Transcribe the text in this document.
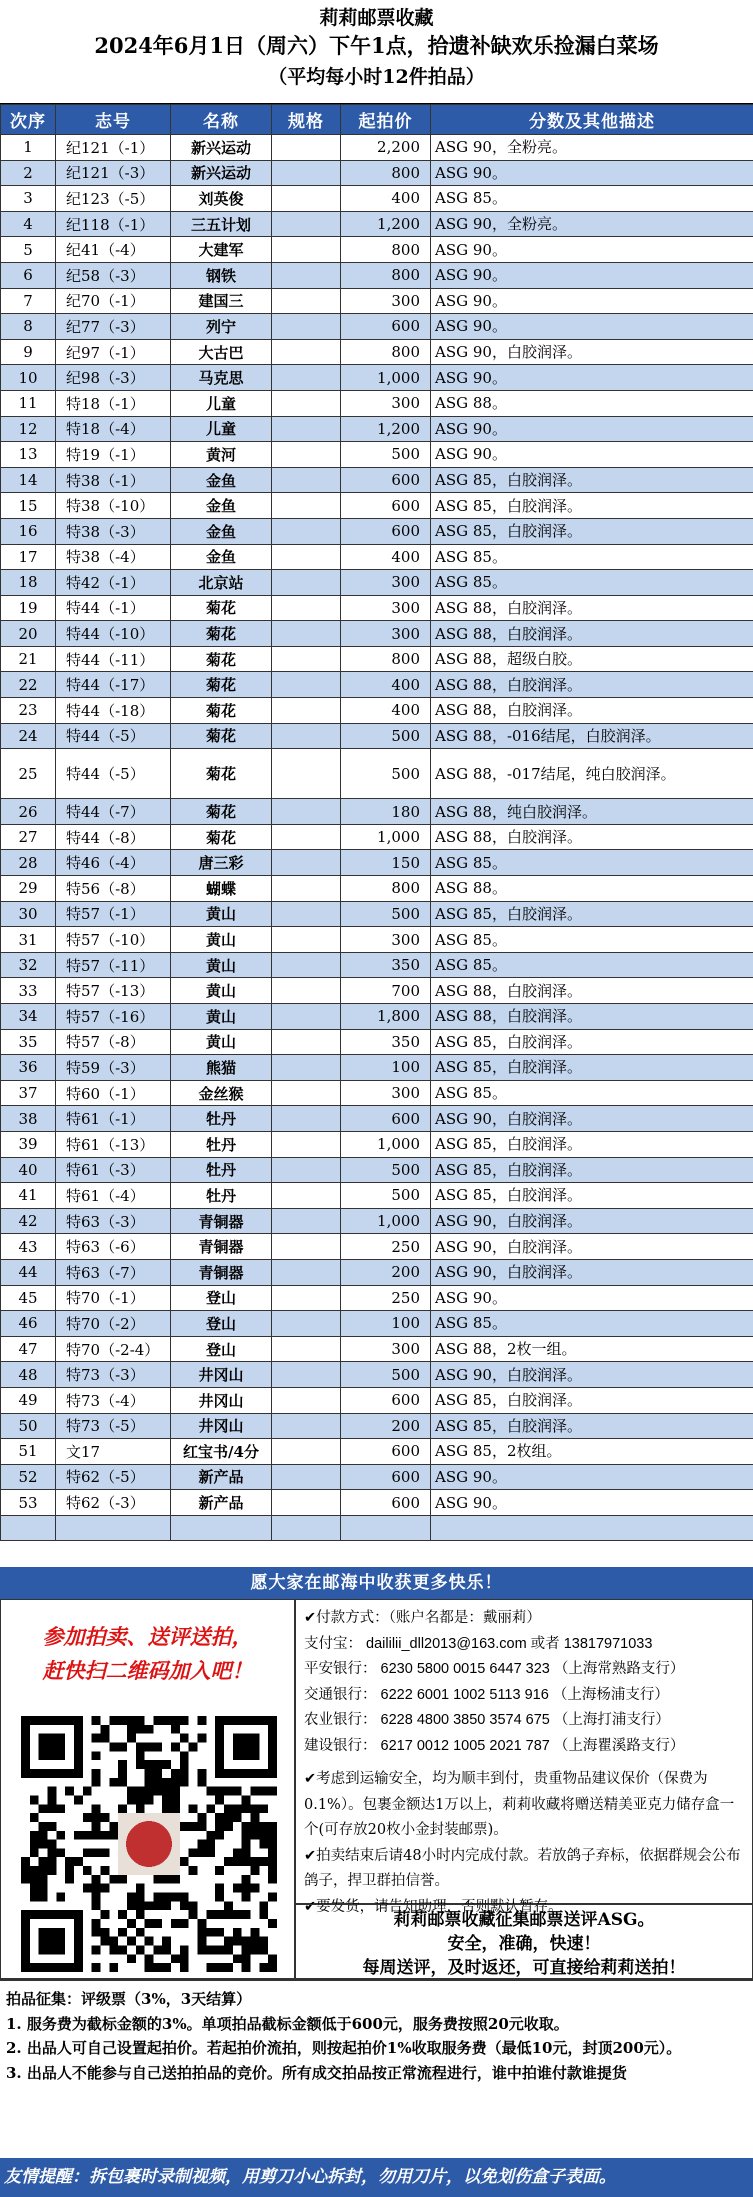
莉莉邮票收藏
2024年6月1日（周六）下午1点，拾遗补缺欢乐捡漏白菜场
（平均每小时12件拍品）
次序	志号	名称	规格	起拍价	分数及其他描述
1	纪121（-1）	新兴运动		2,200	ASG 90，全粉亮。
2	纪121（-3）	新兴运动		800	ASG 90。
3	纪123（-5）	刘英俊		400	ASG 85。
4	纪118（-1）	三五计划		1,200	ASG 90，全粉亮。
5	纪41（-4）	大建军		800	ASG 90。
6	纪58（-3）	钢铁		800	ASG 90。
7	纪70（-1）	建国三		300	ASG 90。
8	纪77（-3）	列宁		600	ASG 90。
9	纪97（-1）	大古巴		800	ASG 90，白胶润泽。
10	纪98（-3）	马克思		1,000	ASG 90。
11	特18（-1）	儿童		300	ASG 88。
12	特18（-4）	儿童		1,200	ASG 90。
13	特19（-1）	黄河		500	ASG 90。
14	特38（-1）	金鱼		600	ASG 85，白胶润泽。
15	特38（-10）	金鱼		600	ASG 85，白胶润泽。
16	特38（-3）	金鱼		600	ASG 85，白胶润泽。
17	特38（-4）	金鱼		400	ASG 85。
18	特42（-1）	北京站		300	ASG 85。
19	特44（-1）	菊花		300	ASG 88，白胶润泽。
20	特44（-10）	菊花		300	ASG 88，白胶润泽。
21	特44（-11）	菊花		800	ASG 88，超级白胶。
22	特44（-17）	菊花		400	ASG 88，白胶润泽。
23	特44（-18）	菊花		400	ASG 88，白胶润泽。
24	特44（-5）	菊花		500	ASG 88，-016结尾，白胶润泽。
25	特44（-5）	菊花		500	ASG 88，-017结尾，纯白胶润泽。
26	特44（-7）	菊花		180	ASG 88，纯白胶润泽。
27	特44（-8）	菊花		1,000	ASG 88，白胶润泽。
28	特46（-4）	唐三彩		150	ASG 85。
29	特56（-8）	蝴蝶		800	ASG 88。
30	特57（-1）	黄山		500	ASG 85，白胶润泽。
31	特57（-10）	黄山		300	ASG 85。
32	特57（-11）	黄山		350	ASG 85。
33	特57（-13）	黄山		700	ASG 88，白胶润泽。
34	特57（-16）	黄山		1,800	ASG 88，白胶润泽。
35	特57（-8）	黄山		350	ASG 85，白胶润泽。
36	特59（-3）	熊猫		100	ASG 85，白胶润泽。
37	特60（-1）	金丝猴		300	ASG 85。
38	特61（-1）	牡丹		600	ASG 90，白胶润泽。
39	特61（-13）	牡丹		1,000	ASG 85，白胶润泽。
40	特61（-3）	牡丹		500	ASG 85，白胶润泽。
41	特61（-4）	牡丹		500	ASG 85，白胶润泽。
42	特63（-3）	青铜器		1,000	ASG 90，白胶润泽。
43	特63（-6）	青铜器		250	ASG 90，白胶润泽。
44	特63（-7）	青铜器		200	ASG 90，白胶润泽。
45	特70（-1）	登山		250	ASG 90。
46	特70（-2）	登山		100	ASG 85。
47	特70（-2-4）	登山		300	ASG 88，2枚一组。
48	特73（-3）	井冈山		500	ASG 90，白胶润泽。
49	特73（-4）	井冈山		600	ASG 85，白胶润泽。
50	特73（-5）	井冈山		200	ASG 85，白胶润泽。
51	文17	红宝书/4分		600	ASG 85，2枚组。
52	特62（-5）	新产品		600	ASG 90。
53	特62（-3）	新产品		600	ASG 90。

愿大家在邮海中收获更多快乐！
参加拍卖、送评送拍，
赶快扫二维码加入吧！
✔付款方式：（账户名都是：戴丽莉）
支付宝： daililii_dll2013@163.com 或者 13817971033
平安银行： 6230 5800 0015 6447 323 （上海常熟路支行）
交通银行： 6222 6001 1002 5113 916 （上海杨浦支行）
农业银行： 6228 4800 3850 3574 675 （上海打浦支行）
建设银行： 6217 0012 1005 2021 787 （上海瞿溪路支行）
✔考虑到运输安全，均为顺丰到付，贵重物品建议保价（保费为0.1%）。包裹金额达1万以上，莉莉收藏将赠送精美亚克力储存盒一个(可存放20枚小金封装邮票)。
✔拍卖结束后请48小时内完成付款。若放鸽子弃标，依据群规会公布鸽子，捍卫群拍信誉。
✔要发货，请告知助理，否则默认暂存。
莉莉邮票收藏征集邮票送评ASG。
安全，准确，快速！
每周送评，及时返还，可直接给莉莉送拍！
拍品征集：评级票（3%，3天结算）
1. 服务费为截标金额的3%。单项拍品截标金额低于600元，服务费按照20元收取。
2. 出品人可自己设置起拍价。若起拍价流拍，则按起拍价1%收取服务费（最低10元，封顶200元）。
3. 出品人不能参与自己送拍拍品的竞价。所有成交拍品按正常流程进行，谁中拍谁付款谁提货
友情提醒：拆包裹时录制视频，用剪刀小心拆封，勿用刀片，以免划伤盒子表面。
